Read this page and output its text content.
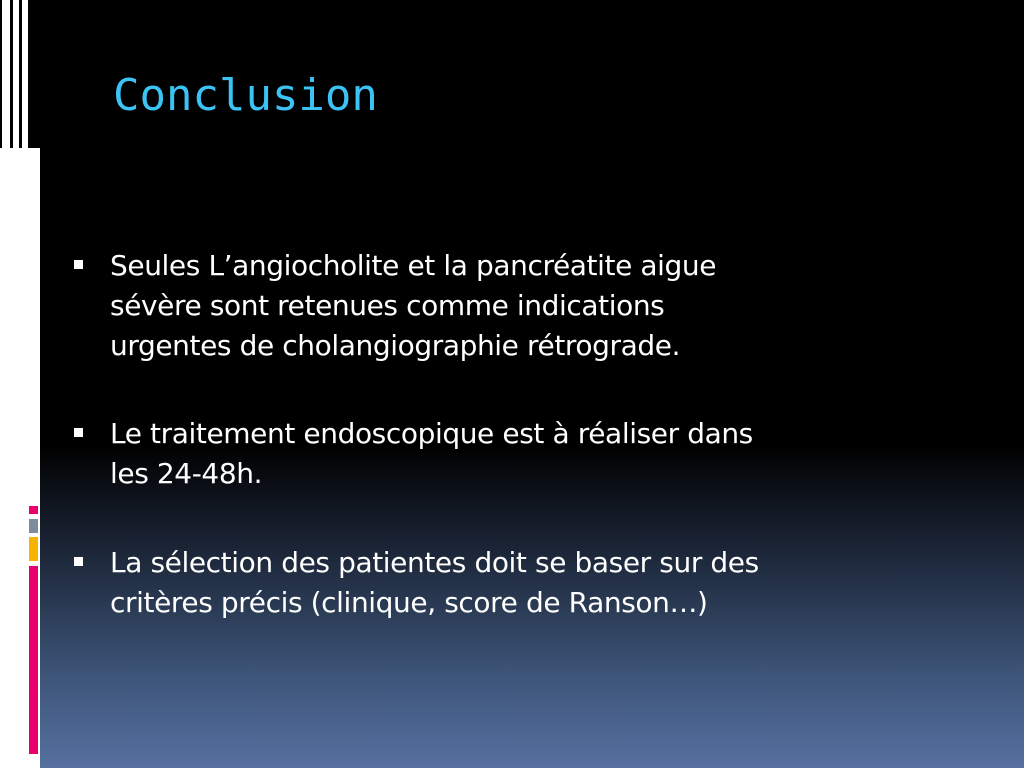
Conclusion
Seules L’angiocholite et la pancréatite aigue
sévère sont retenues comme indications
urgentes de cholangiographie rétrograde.
Le traitement endoscopique est à réaliser dans
les 24-48h.
La sélection des patientes doit se baser sur des
critères précis (clinique, score de Ranson…)
